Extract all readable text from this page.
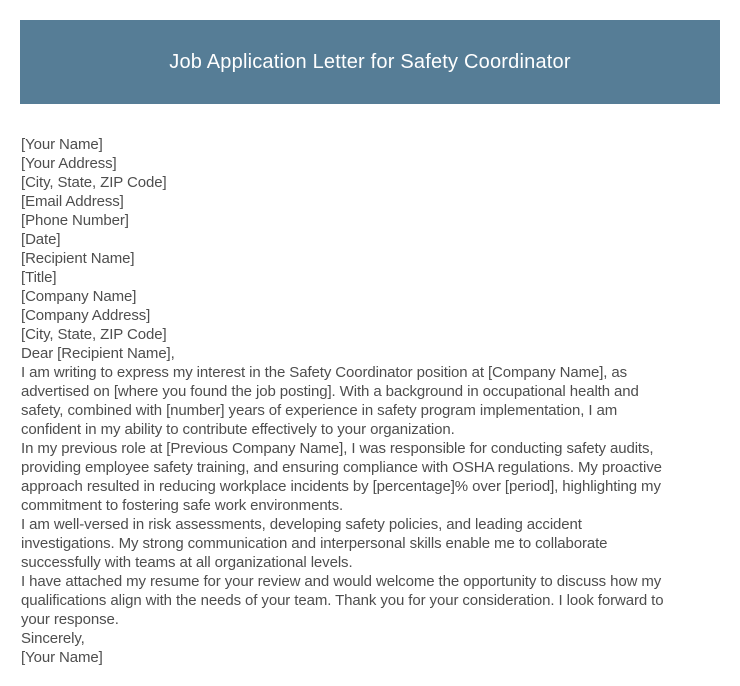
Job Application Letter for Safety Coordinator
[Your Name]
[Your Address]
[City, State, ZIP Code]
[Email Address]
[Phone Number]
[Date]
[Recipient Name]
[Title]
[Company Name]
[Company Address]
[City, State, ZIP Code]
Dear [Recipient Name],
I am writing to express my interest in the Safety Coordinator position at [Company Name], as
advertised on [where you found the job posting]. With a background in occupational health and
safety, combined with [number] years of experience in safety program implementation, I am
confident in my ability to contribute effectively to your organization.
In my previous role at [Previous Company Name], I was responsible for conducting safety audits,
providing employee safety training, and ensuring compliance with OSHA regulations. My proactive
approach resulted in reducing workplace incidents by [percentage]% over [period], highlighting my
commitment to fostering safe work environments.
I am well-versed in risk assessments, developing safety policies, and leading accident
investigations. My strong communication and interpersonal skills enable me to collaborate
successfully with teams at all organizational levels.
I have attached my resume for your review and would welcome the opportunity to discuss how my
qualifications align with the needs of your team. Thank you for your consideration. I look forward to
your response.
Sincerely,
[Your Name]
